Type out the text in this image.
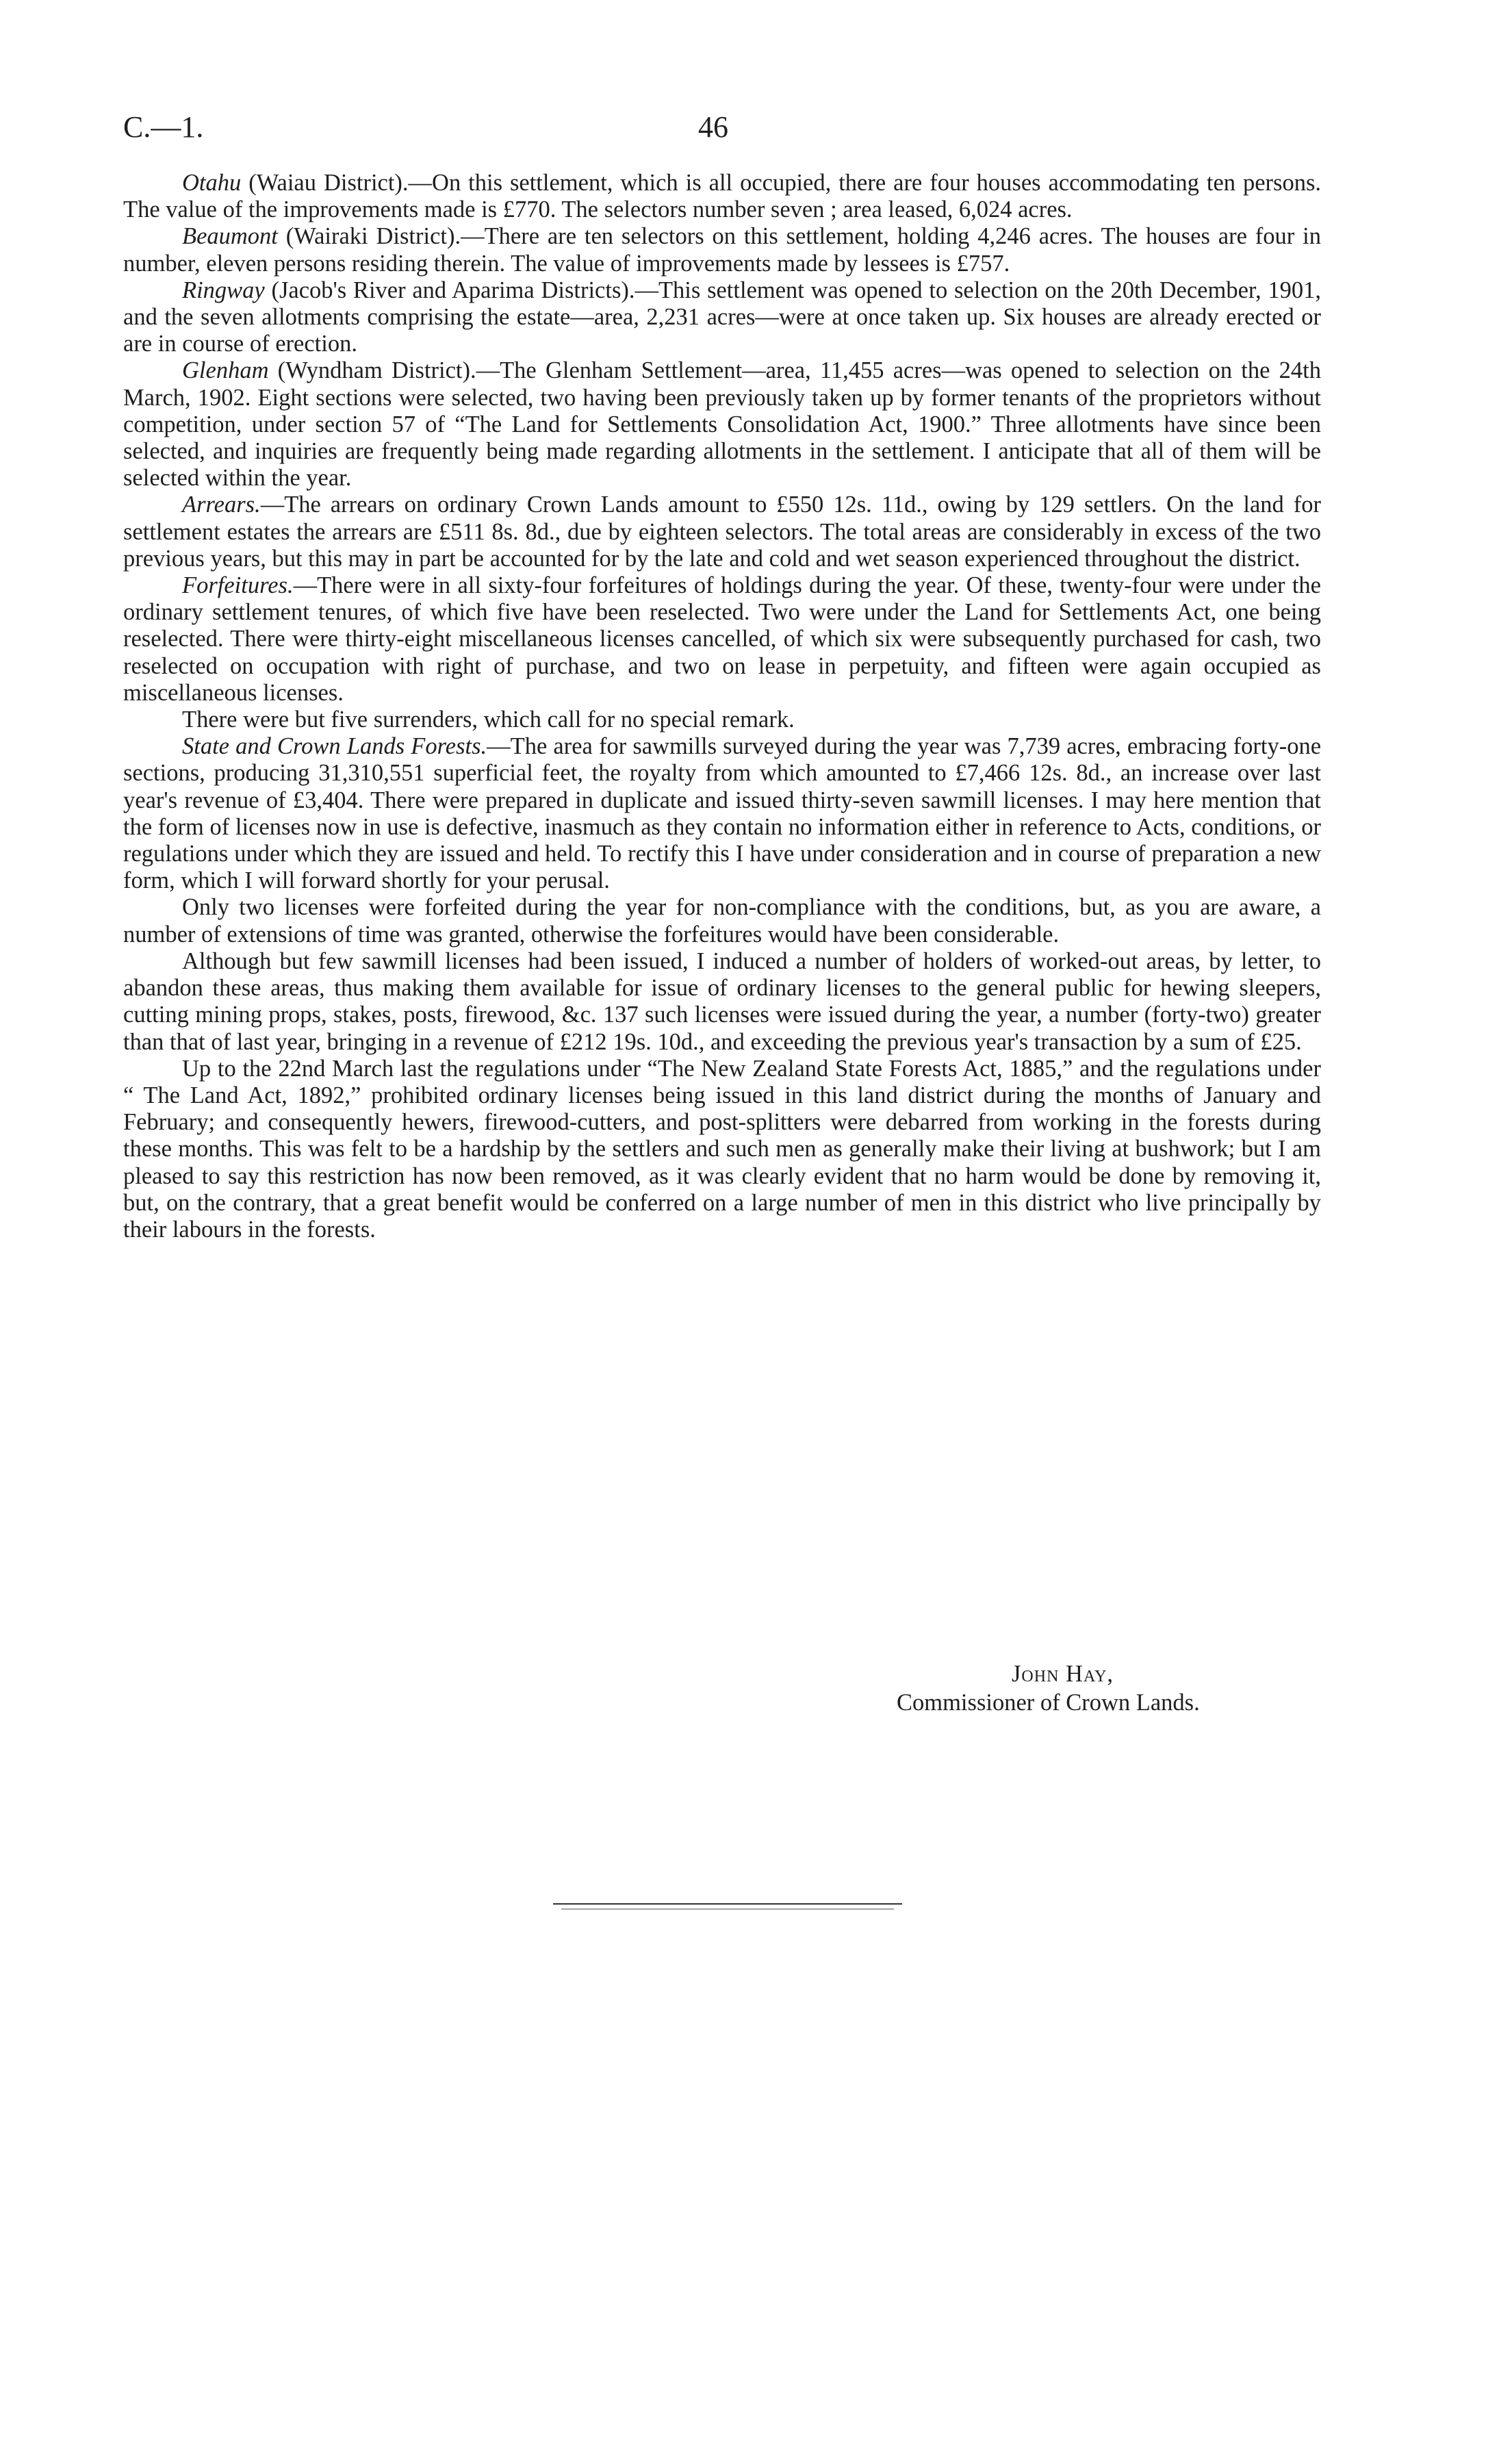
C.—1.	46

Otahu (Waiau District).—On this settlement, which is all occupied, there are four houses accommodating ten persons. The value of the improvements made is £770. The selectors number seven ; area leased, 6,024 acres.

Beaumont (Wairaki District).—There are ten selectors on this settlement, holding 4,246 acres. The houses are four in number, eleven persons residing therein. The value of improvements made by lessees is £757.

Ringway (Jacob's River and Aparima Districts).—This settlement was opened to selection on the 20th December, 1901, and the seven allotments comprising the estate—area, 2,231 acres—were at once taken up. Six houses are already erected or are in course of erection.

Glenham (Wyndham District).—The Glenham Settlement—area, 11,455 acres—was opened to selection on the 24th March, 1902. Eight sections were selected, two having been previously taken up by former tenants of the proprietors without competition, under section 57 of “The Land for Settlements Consolidation Act, 1900.” Three allotments have since been selected, and inquiries are frequently being made regarding allotments in the settlement. I anticipate that all of them will be selected within the year.

Arrears.—The arrears on ordinary Crown Lands amount to £550 12s. 11d., owing by 129 settlers. On the land for settlement estates the arrears are £511 8s. 8d., due by eighteen selectors. The total areas are considerably in excess of the two previous years, but this may in part be accounted for by the late and cold and wet season experienced throughout the district.

Forfeitures.—There were in all sixty-four forfeitures of holdings during the year. Of these, twenty-four were under the ordinary settlement tenures, of which five have been reselected. Two were under the Land for Settlements Act, one being reselected. There were thirty-eight miscellaneous licenses cancelled, of which six were subsequently purchased for cash, two reselected on occupation with right of purchase, and two on lease in perpetuity, and fifteen were again occupied as miscellaneous licenses.

There were but five surrenders, which call for no special remark.

State and Crown Lands Forests.—The area for sawmills surveyed during the year was 7,739 acres, embracing forty-one sections, producing 31,310,551 superficial feet, the royalty from which amounted to £7,466 12s. 8d., an increase over last year's revenue of £3,404. There were prepared in duplicate and issued thirty-seven sawmill licenses. I may here mention that the form of licenses now in use is defective, inasmuch as they contain no information either in reference to Acts, conditions, or regulations under which they are issued and held. To rectify this I have under consideration and in course of preparation a new form, which I will forward shortly for your perusal.

Only two licenses were forfeited during the year for non-compliance with the conditions, but, as you are aware, a number of extensions of time was granted, otherwise the forfeitures would have been considerable.

Although but few sawmill licenses had been issued, I induced a number of holders of worked-out areas, by letter, to abandon these areas, thus making them available for issue of ordinary licenses to the general public for hewing sleepers, cutting mining props, stakes, posts, firewood, &c. 137 such licenses were issued during the year, a number (forty-two) greater than that of last year, bringing in a revenue of £212 19s. 10d., and exceeding the previous year's transaction by a sum of £25.

Up to the 22nd March last the regulations under “The New Zealand State Forests Act, 1885,” and the regulations under “ The Land Act, 1892,” prohibited ordinary licenses being issued in this land district during the months of January and February; and consequently hewers, firewood-cutters, and post-splitters were debarred from working in the forests during these months. This was felt to be a hardship by the settlers and such men as generally make their living at bushwork; but I am pleased to say this restriction has now been removed, as it was clearly evident that no harm would be done by removing it, but, on the contrary, that a great benefit would be conferred on a large number of men in this district who live principally by their labours in the forests.

John Hay,
Commissioner of Crown Lands.
